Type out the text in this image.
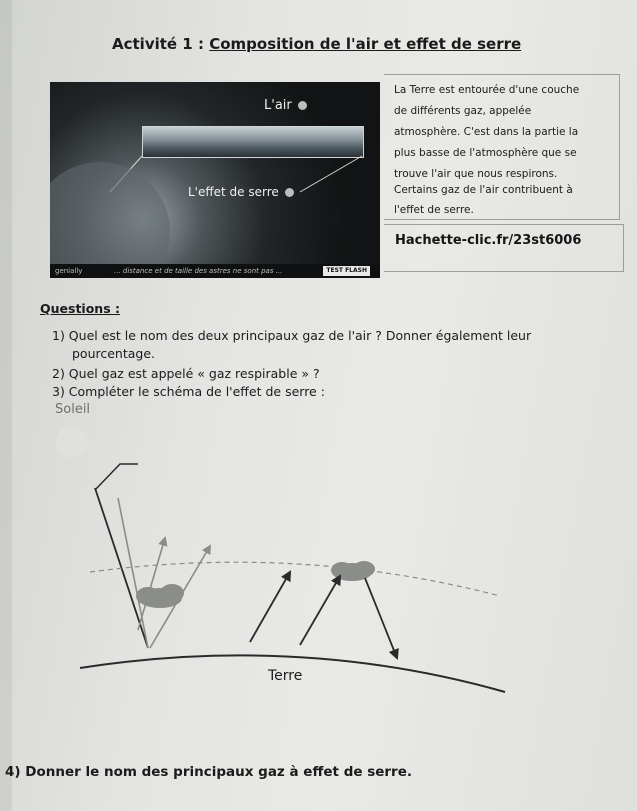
Activité 1 : Composition de l'air et effet de serre
L'air
L'effet de serre
genially	... distance et de taille des astres ne sont pas ...	TEST FLASH
La Terre est entourée d'une couche
de différents gaz, appelée
atmosphère. C'est dans la partie la
plus basse de l'atmosphère que se
trouve l'air que nous respirons.
Certains gaz de l'air contribuent à
l'effet de serre.
Hachette-clic.fr/23st6006
Questions :
1) Quel est le nom des deux principaux gaz de l'air ? Donner également leur
pourcentage.
2) Quel gaz est appelé « gaz respirable » ?
3) Compléter le schéma de l'effet de serre :
Soleil
Terre
4) Donner le nom des principaux gaz à effet de serre.
